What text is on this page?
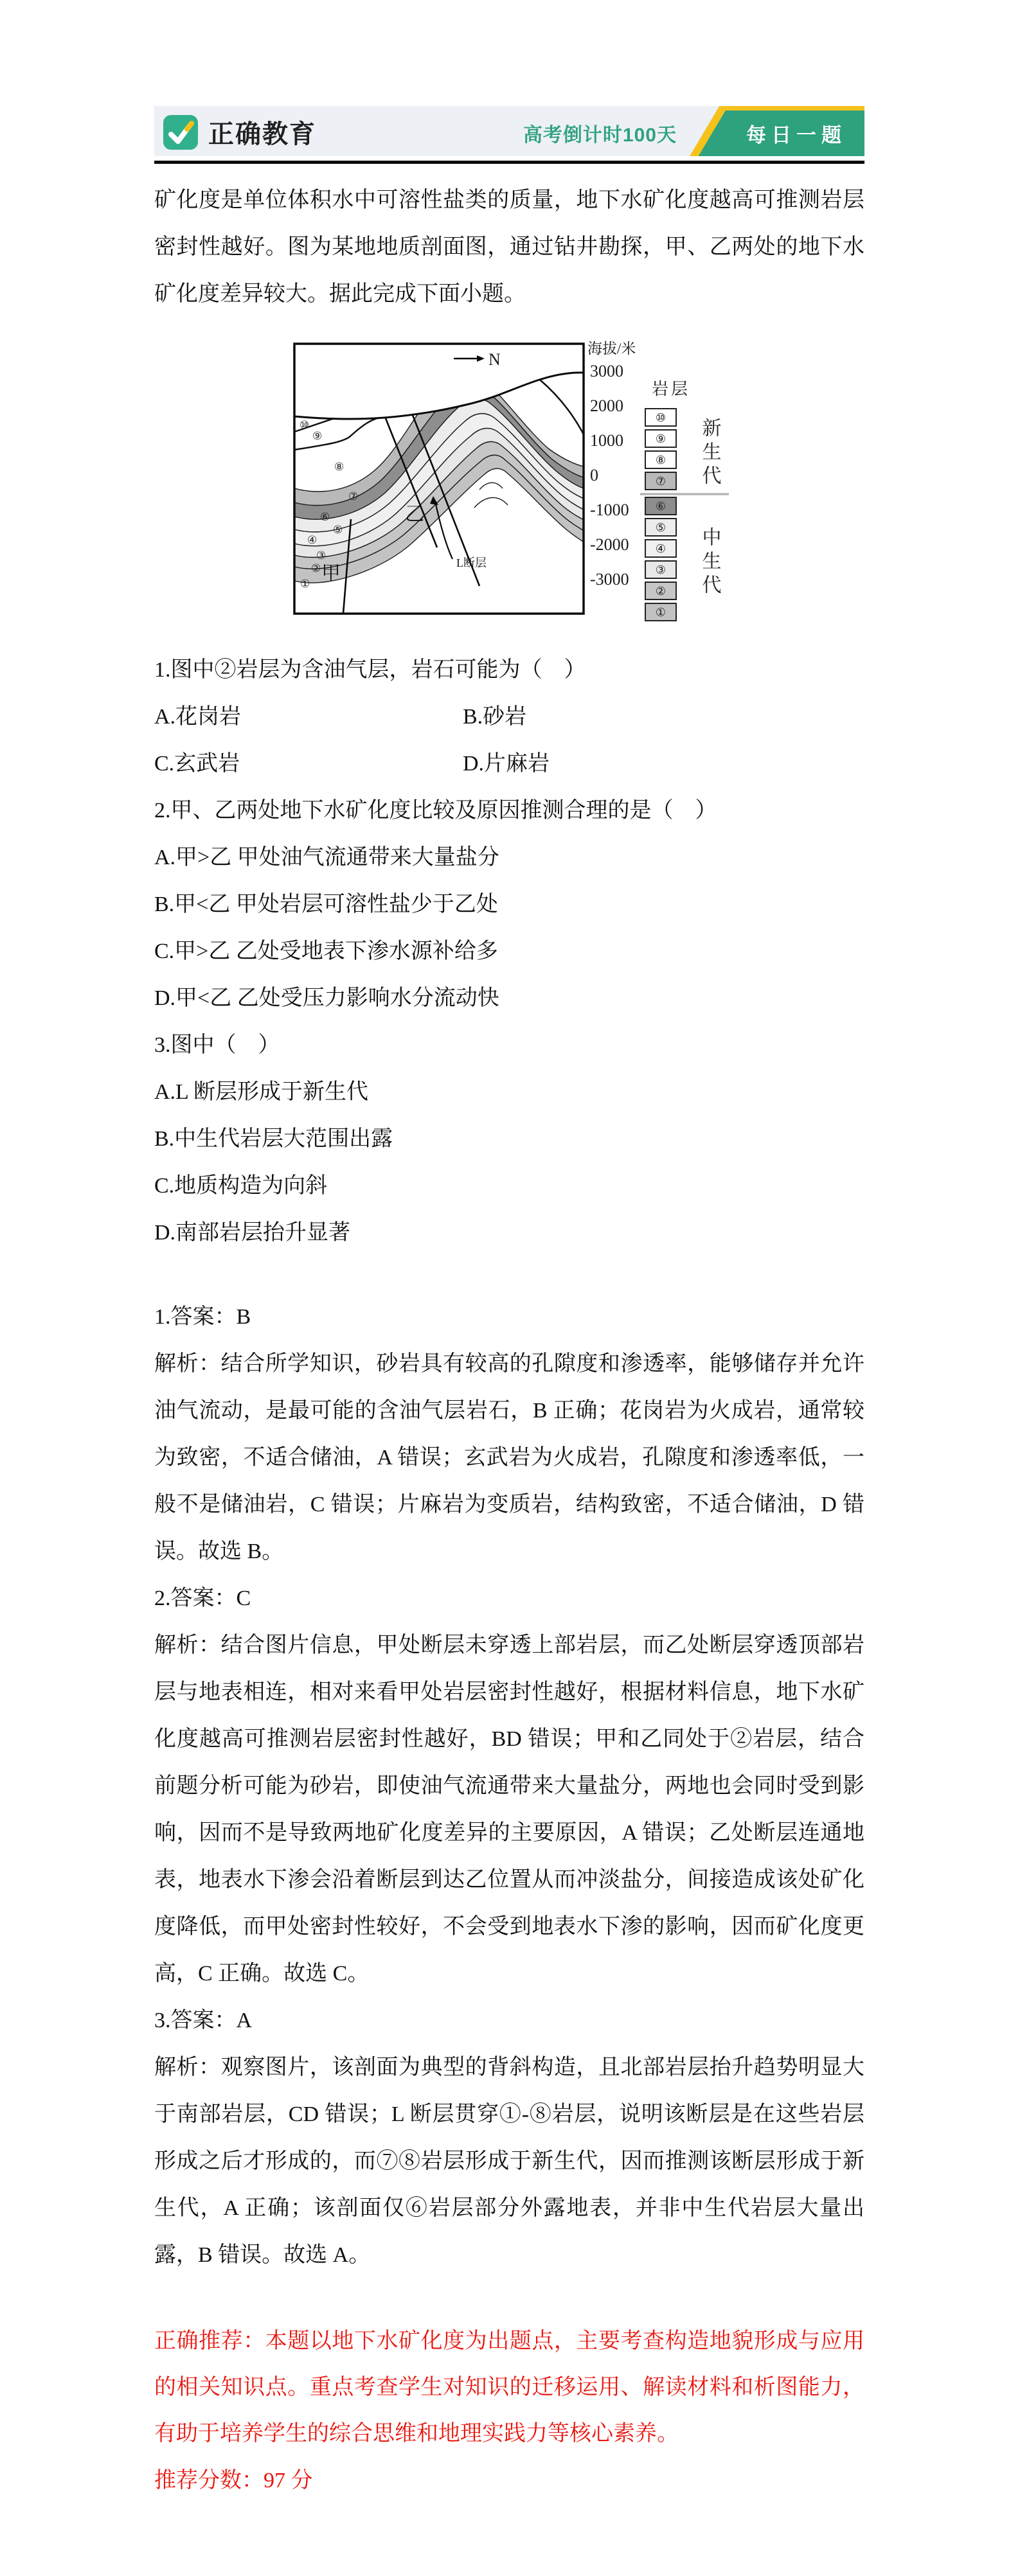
正确教育	高考倒计时100天	每日一题

矿化度是单位体积水中可溶性盐类的质量，地下水矿化度越高可推测岩层密封性越好。图为某地地质剖面图，通过钻井勘探，甲、乙两处的地下水矿化度差异较大。据此完成下面小题。

N
⑩
⑨
⑧
⑦
⑥
⑤
④
③
②
① 甲
乙
L断层
海拔/米
3000
2000
1000
0
-1000
-2000
-3000
岩层
⑩
⑨
⑧
⑦
⑥
⑤
④
③
②
①
新生代
中生代

1.图中②岩层为含油气层，岩石可能为（　）

A.花岗岩	B.砂岩

C.玄武岩	D.片麻岩

2.甲、乙两处地下水矿化度比较及原因推测合理的是（　）

A.甲>乙 甲处油气流通带来大量盐分

B.甲<乙 甲处岩层可溶性盐少于乙处

C.甲>乙 乙处受地表下渗水源补给多

D.甲<乙 乙处受压力影响水分流动快

3.图中（　）

A.L 断层形成于新生代

B.中生代岩层大范围出露

C.地质构造为向斜

D.南部岩层抬升显著

1.答案：B

解析：结合所学知识，砂岩具有较高的孔隙度和渗透率，能够储存并允许油气流动，是最可能的含油气层岩石，B 正确；花岗岩为火成岩，通常较为致密，不适合储油，A 错误；玄武岩为火成岩，孔隙度和渗透率低，一般不是储油岩，C 错误；片麻岩为变质岩，结构致密，不适合储油，D 错误。故选 B。

2.答案：C

解析：结合图片信息，甲处断层未穿透上部岩层，而乙处断层穿透顶部岩层与地表相连，相对来看甲处岩层密封性越好，根据材料信息，地下水矿化度越高可推测岩层密封性越好，BD 错误；甲和乙同处于②岩层，结合前题分析可能为砂岩，即使油气流通带来大量盐分，两地也会同时受到影响，因而不是导致两地矿化度差异的主要原因，A 错误；乙处断层连通地表，地表水下渗会沿着断层到达乙位置从而冲淡盐分，间接造成该处矿化度降低，而甲处密封性较好，不会受到地表水下渗的影响，因而矿化度更高，C 正确。故选 C。

3.答案：A

解析：观察图片，该剖面为典型的背斜构造，且北部岩层抬升趋势明显大于南部岩层，CD 错误；L 断层贯穿①-⑧岩层，说明该断层是在这些岩层形成之后才形成的，而⑦⑧岩层形成于新生代，因而推测该断层形成于新生代，A 正确；该剖面仅⑥岩层部分外露地表，并非中生代岩层大量出露，B 错误。故选 A。

正确推荐：本题以地下水矿化度为出题点，主要考查构造地貌形成与应用的相关知识点。重点考查学生对知识的迁移运用、解读材料和析图能力，有助于培养学生的综合思维和地理实践力等核心素养。

推荐分数：97 分
